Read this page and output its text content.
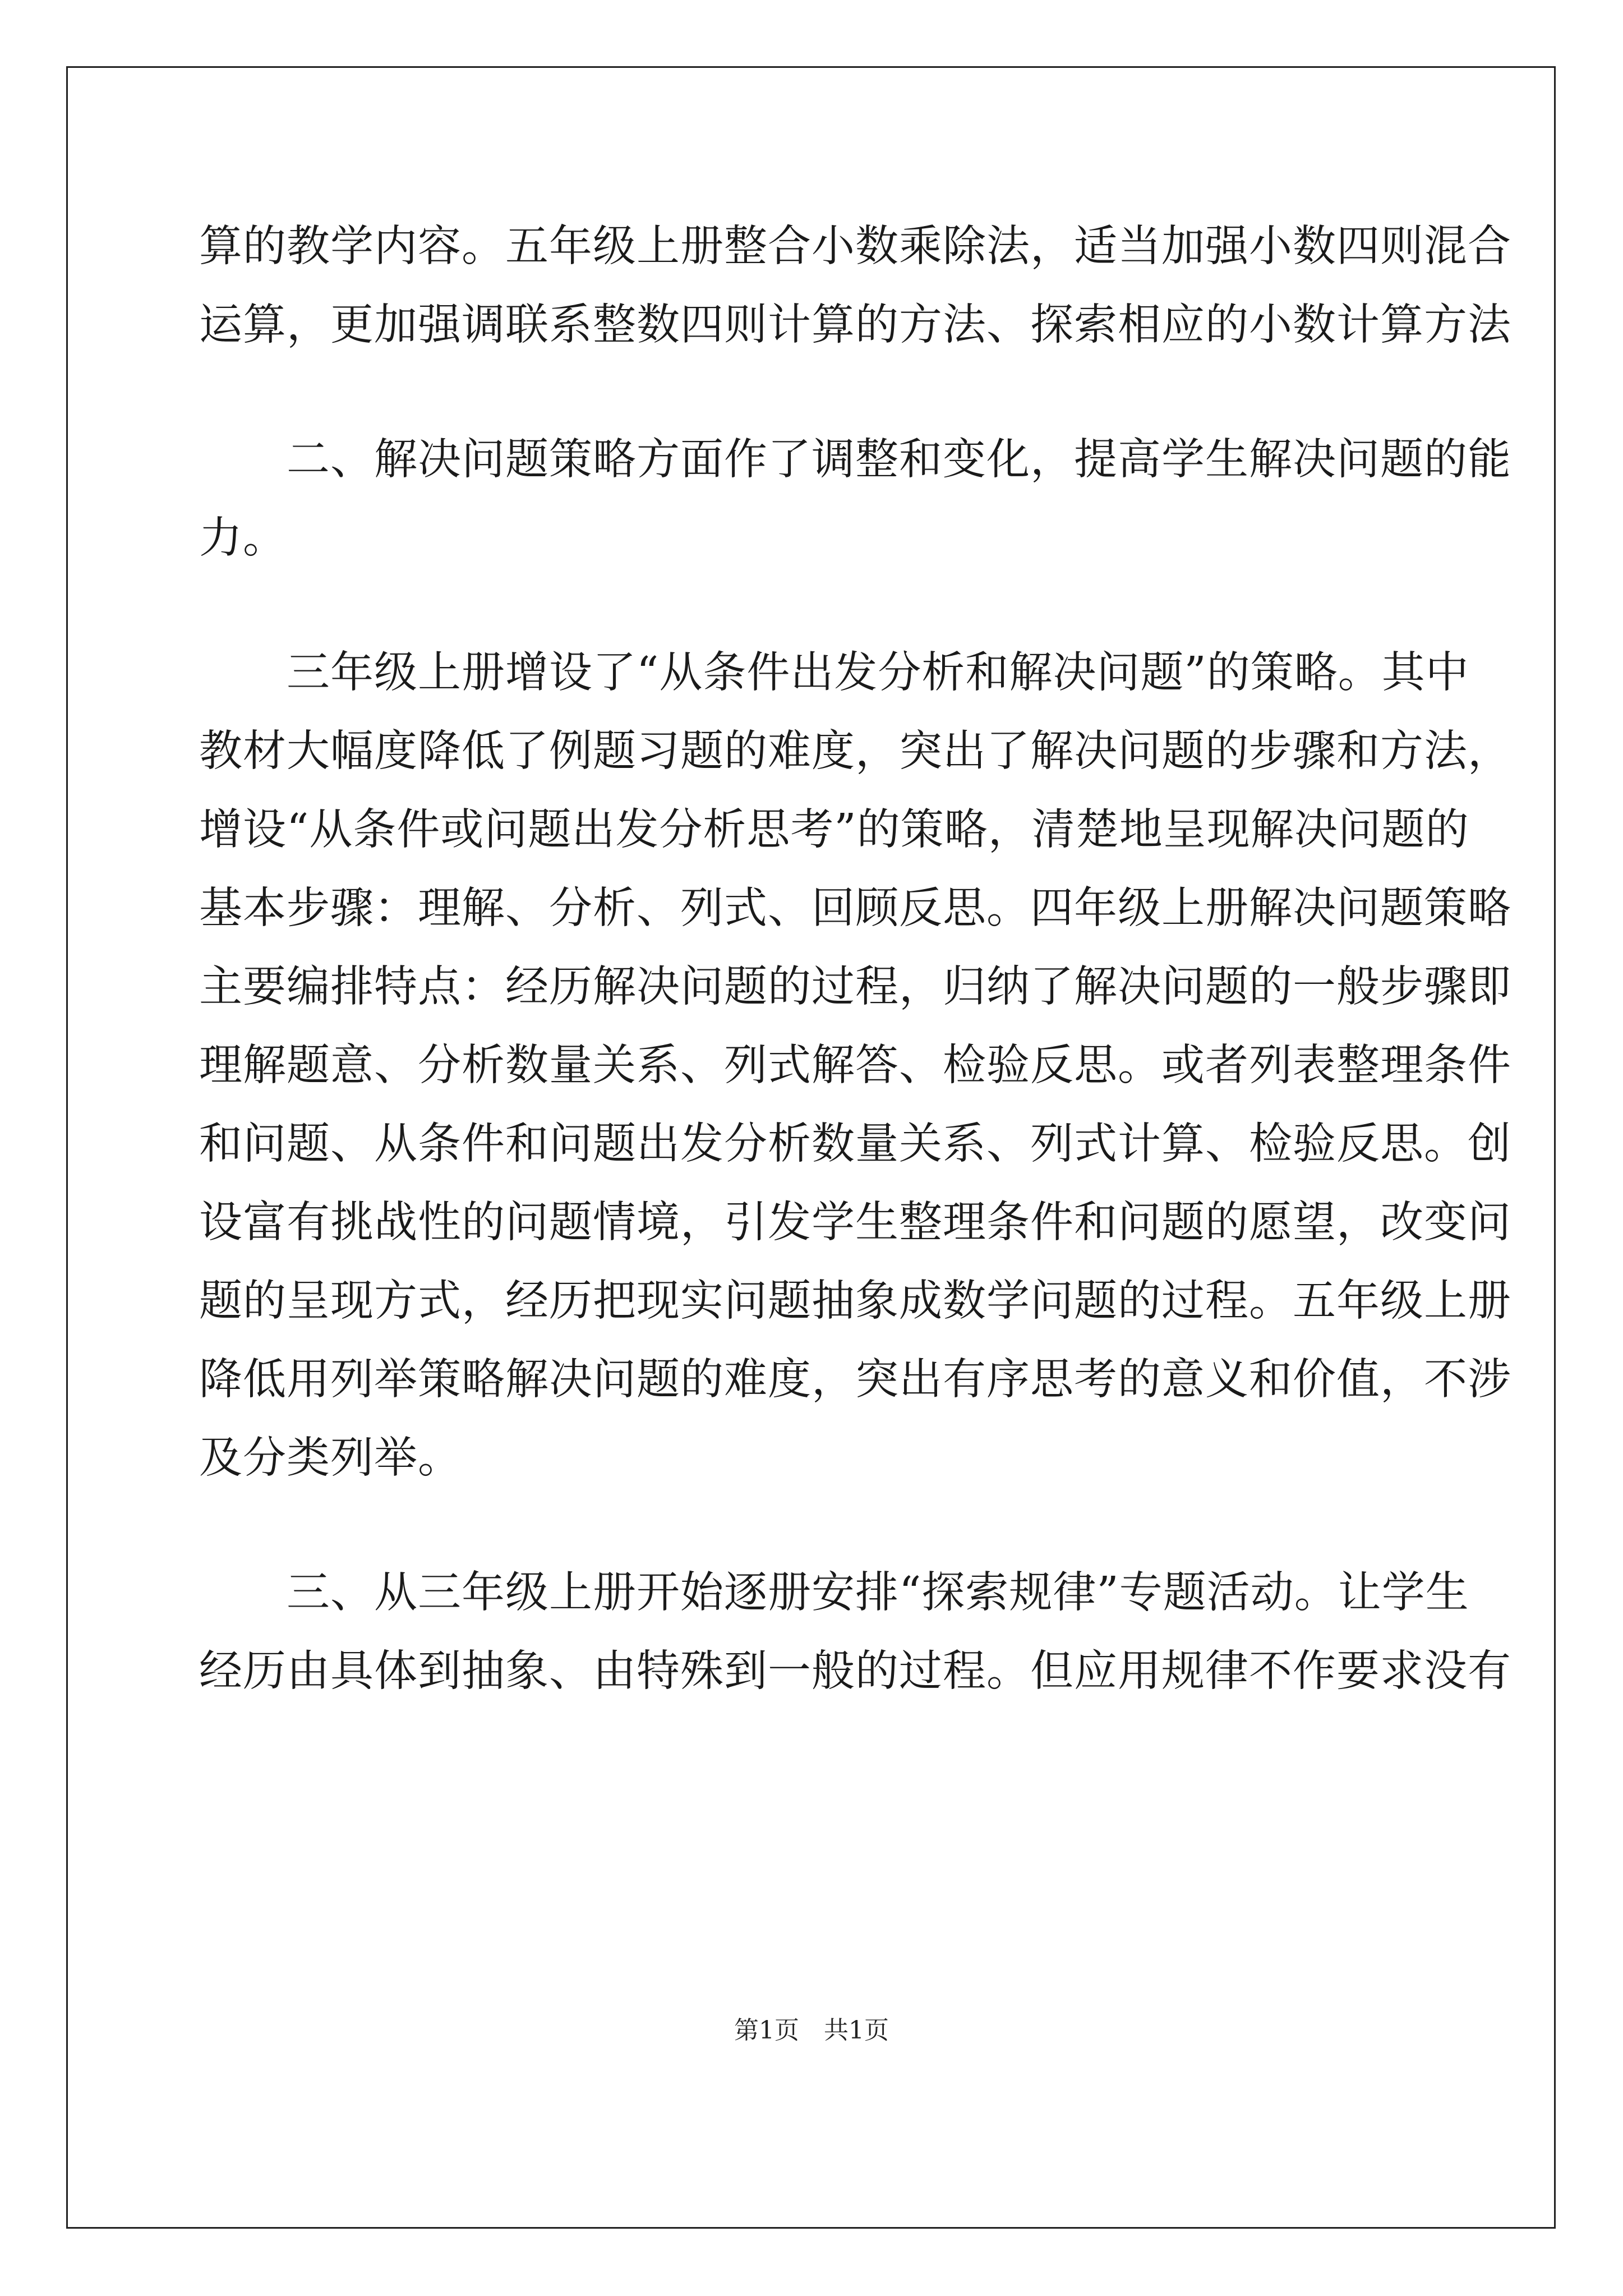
算的教学内容。五年级上册整合小数乘除法，适当加强小数四则混合
运算，更加强调联系整数四则计算的方法、探索相应的小数计算方法
　　二、解决问题策略方面作了调整和变化，提高学生解决问题的能
力。
　　三年级上册增设了“从条件出发分析和解决问题”的策略。其中
教材大幅度降低了例题习题的难度，突出了解决问题的步骤和方法，
增设“从条件或问题出发分析思考”的策略，清楚地呈现解决问题的
基本步骤：理解、分析、列式、回顾反思。四年级上册解决问题策略
主要编排特点：经历解决问题的过程，归纳了解决问题的一般步骤即
理解题意、分析数量关系、列式解答、检验反思。或者列表整理条件
和问题、从条件和问题出发分析数量关系、列式计算、检验反思。创
设富有挑战性的问题情境，引发学生整理条件和问题的愿望，改变问
题的呈现方式，经历把现实问题抽象成数学问题的过程。五年级上册
降低用列举策略解决问题的难度，突出有序思考的意义和价值，不涉
及分类列举。
　　三、从三年级上册开始逐册安排“探索规律”专题活动。让学生
经历由具体到抽象、由特殊到一般的过程。但应用规律不作要求没有
第1页　共1页
